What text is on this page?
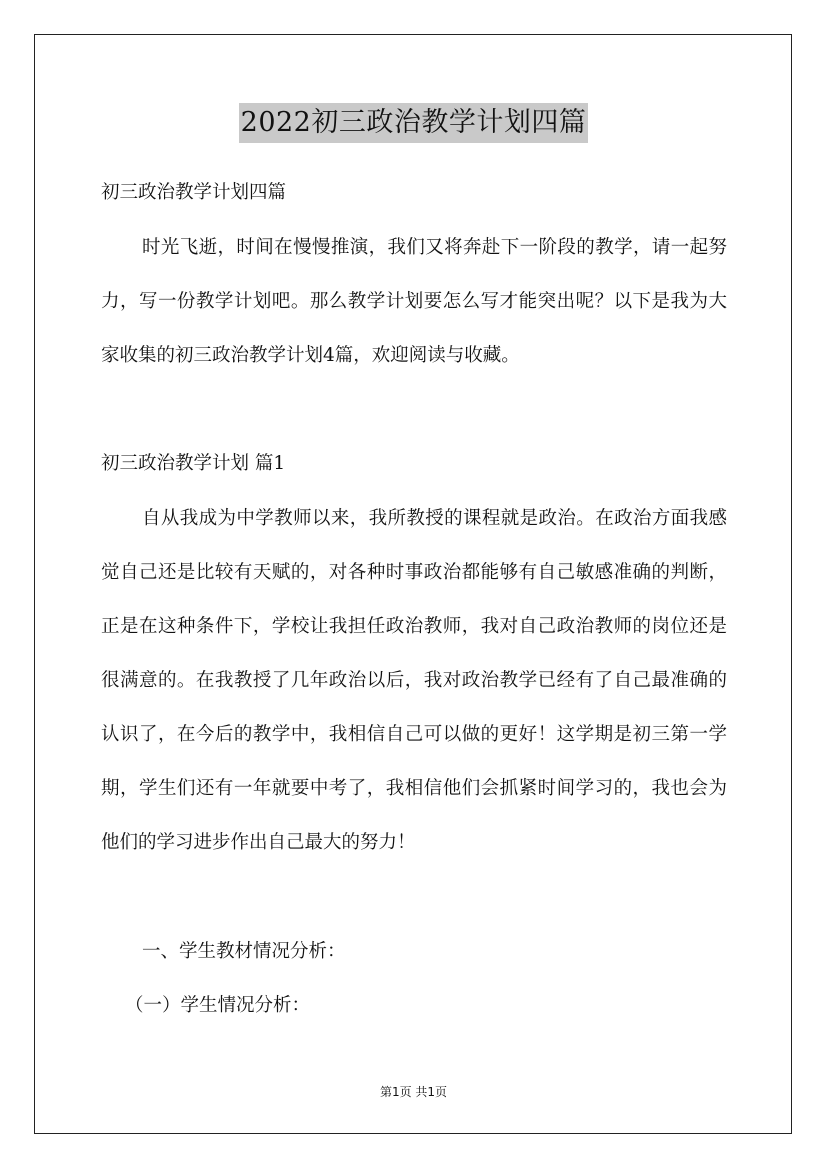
2022初三政治教学计划四篇

初三政治教学计划四篇

时光飞逝，时间在慢慢推演，我们又将奔赴下一阶段的教学，请一起努力，写一份教学计划吧。那么教学计划要怎么写才能突出呢？以下是我为大家收集的初三政治教学计划4篇，欢迎阅读与收藏。

初三政治教学计划 篇1

自从我成为中学教师以来，我所教授的课程就是政治。在政治方面我感觉自己还是比较有天赋的，对各种时事政治都能够有自己敏感准确的判断，正是在这种条件下，学校让我担任政治教师，我对自己政治教师的岗位还是很满意的。在我教授了几年政治以后，我对政治教学已经有了自己最准确的认识了，在今后的教学中，我相信自己可以做的更好！这学期是初三第一学期，学生们还有一年就要中考了，我相信他们会抓紧时间学习的，我也会为他们的学习进步作出自己最大的努力！

一、学生教材情况分析：

（一）学生情况分析：

第1页 共1页
